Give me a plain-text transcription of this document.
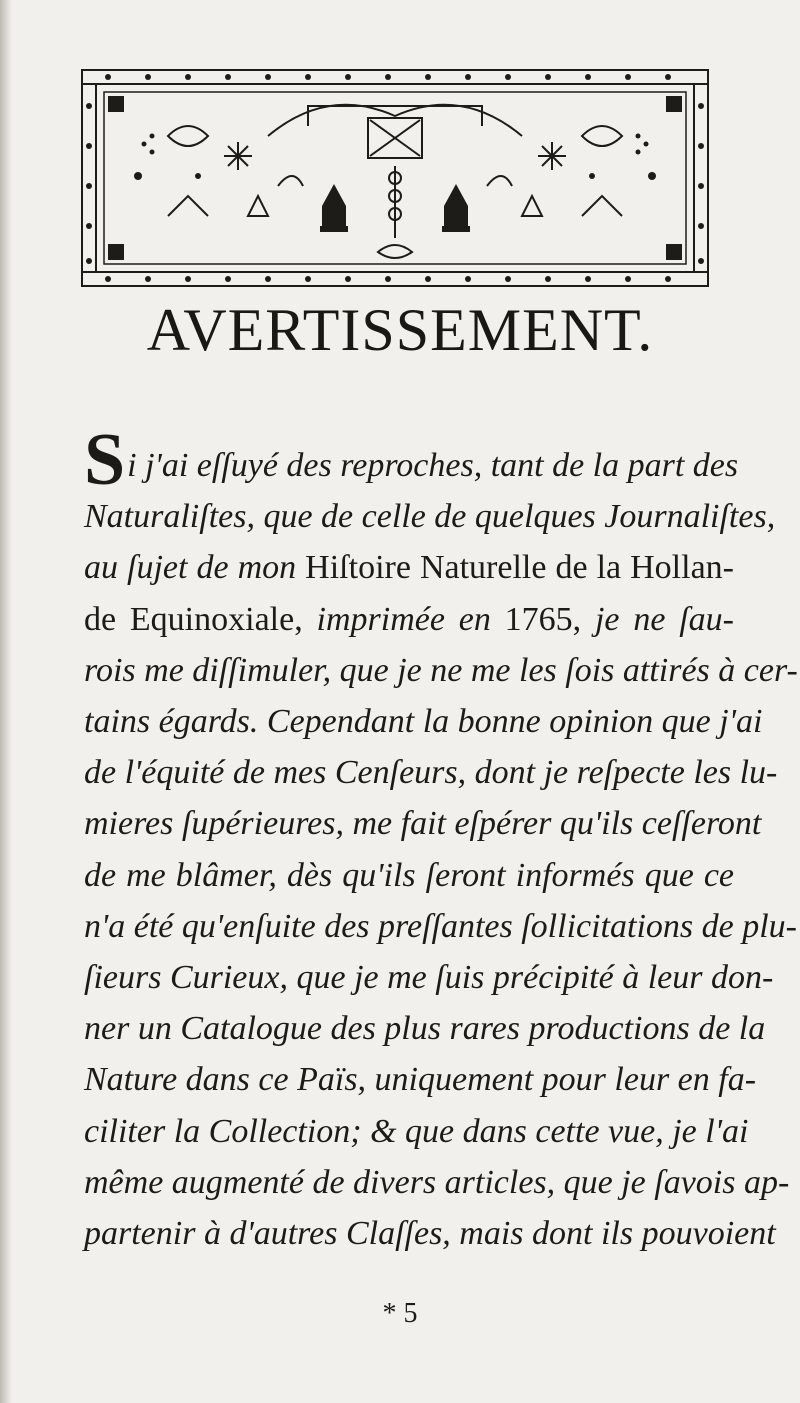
AVERTISSEMENT.
Si j'ai eſſuyé des reproches, tant de la part des
Naturaliſtes, que de celle de quelques Journaliſtes,
au ſujet de mon Hiſtoire Naturelle de la Hollan-
de Equinoxiale, imprimée en 1765, je ne ſau-
rois me diſſimuler, que je ne me les ſois attirés à cer-
tains égards. Cependant la bonne opinion que j'ai
de l'équité de mes Cenſeurs, dont je reſpecte les lu-
mieres ſupérieures, me fait eſpérer qu'ils ceſſeront
de me blâmer, dès qu'ils ſeront informés que ce
n'a été qu'enſuite des preſſantes ſollicitations de plu-
ſieurs Curieux, que je me ſuis précipité à leur don-
ner un Catalogue des plus rares productions de la
Nature dans ce Païs, uniquement pour leur en fa-
ciliter la Collection; & que dans cette vue, je l'ai
même augmenté de divers articles, que je ſavois ap-
partenir à d'autres Claſſes, mais dont ils pouvoient
* 5
